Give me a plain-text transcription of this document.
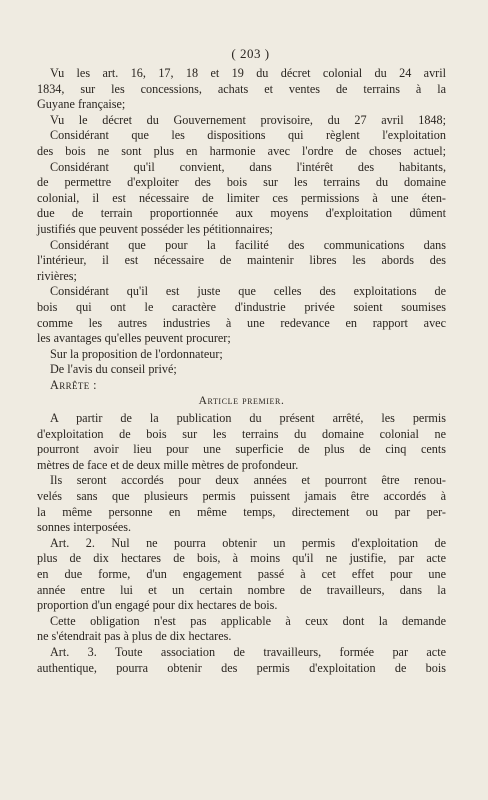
( 203 )
Vu les art. 16, 17, 18 et 19 du décret colonial du 24 avril
1834, sur les concessions, achats et ventes de terrains à la
Guyane française;
Vu le décret du Gouvernement provisoire, du 27 avril 1848;
Considérant que les dispositions qui règlent l'exploitation
des bois ne sont plus en harmonie avec l'ordre de choses actuel;
Considérant qu'il convient, dans l'intérêt des habitants,
de permettre d'exploiter des bois sur les terrains du domaine
colonial, il est nécessaire de limiter ces permissions à une éten-
due de terrain proportionnée aux moyens d'exploitation dûment
justifiés que peuvent posséder les pétitionnaires;
Considérant que pour la facilité des communications dans
l'intérieur, il est nécessaire de maintenir libres les abords des
rivières;
Considérant qu'il est juste que celles des exploitations de
bois qui ont le caractère d'industrie privée soient soumises
comme les autres industries à une redevance en rapport avec
les avantages qu'elles peuvent procurer;
Sur la proposition de l'ordonnateur;
De l'avis du conseil privé;
Arrête :
Article premier.
A partir de la publication du présent arrêté, les permis
d'exploitation de bois sur les terrains du domaine colonial ne
pourront avoir lieu pour une superficie de plus de cinq cents
mètres de face et de deux mille mètres de profondeur.
Ils seront accordés pour deux années et pourront être renou-
velés sans que plusieurs permis puissent jamais être accordés à
la même personne en même temps, directement ou par per-
sonnes interposées.
Art. 2. Nul ne pourra obtenir un permis d'exploitation de
plus de dix hectares de bois, à moins qu'il ne justifie, par acte
en due forme, d'un engagement passé à cet effet pour une
année entre lui et un certain nombre de travailleurs, dans la
proportion d'un engagé pour dix hectares de bois.
Cette obligation n'est pas applicable à ceux dont la demande
ne s'étendrait pas à plus de dix hectares.
Art. 3. Toute association de travailleurs, formée par acte
authentique, pourra obtenir des permis d'exploitation de bois
